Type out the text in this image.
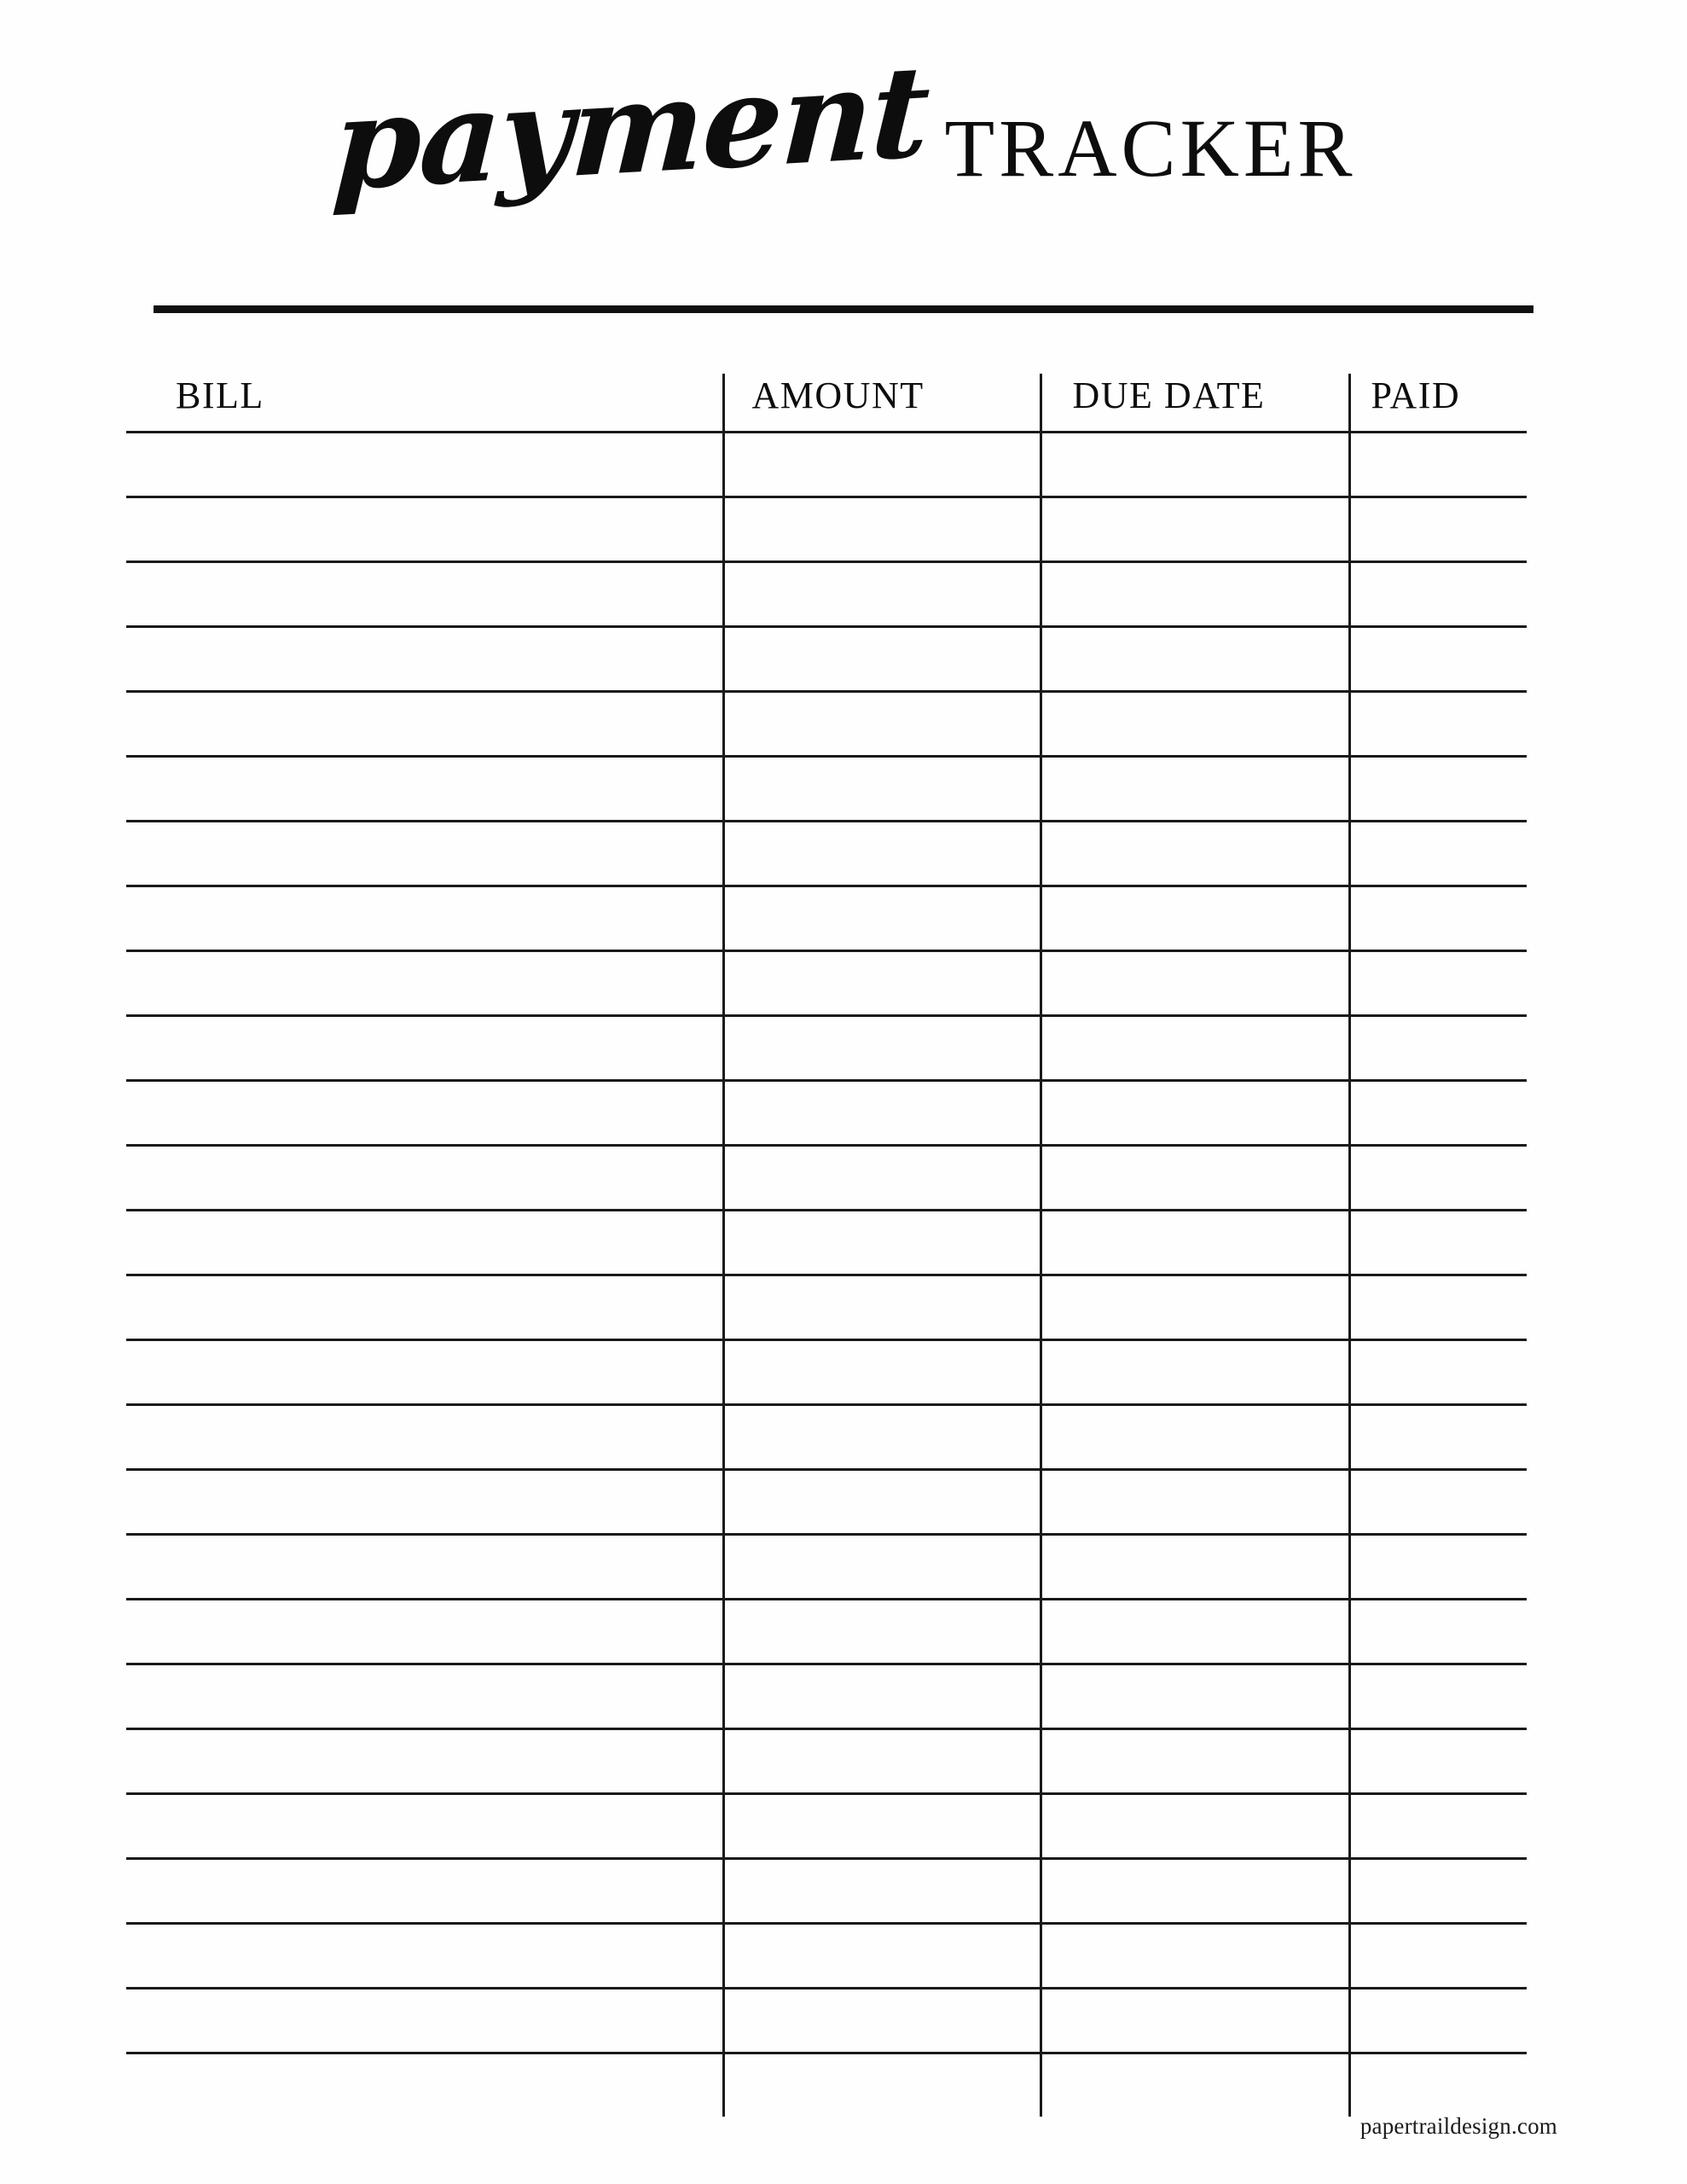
payment TRACKER
BILL	AMOUNT	DUE DATE	PAID

papertraildesign.com
